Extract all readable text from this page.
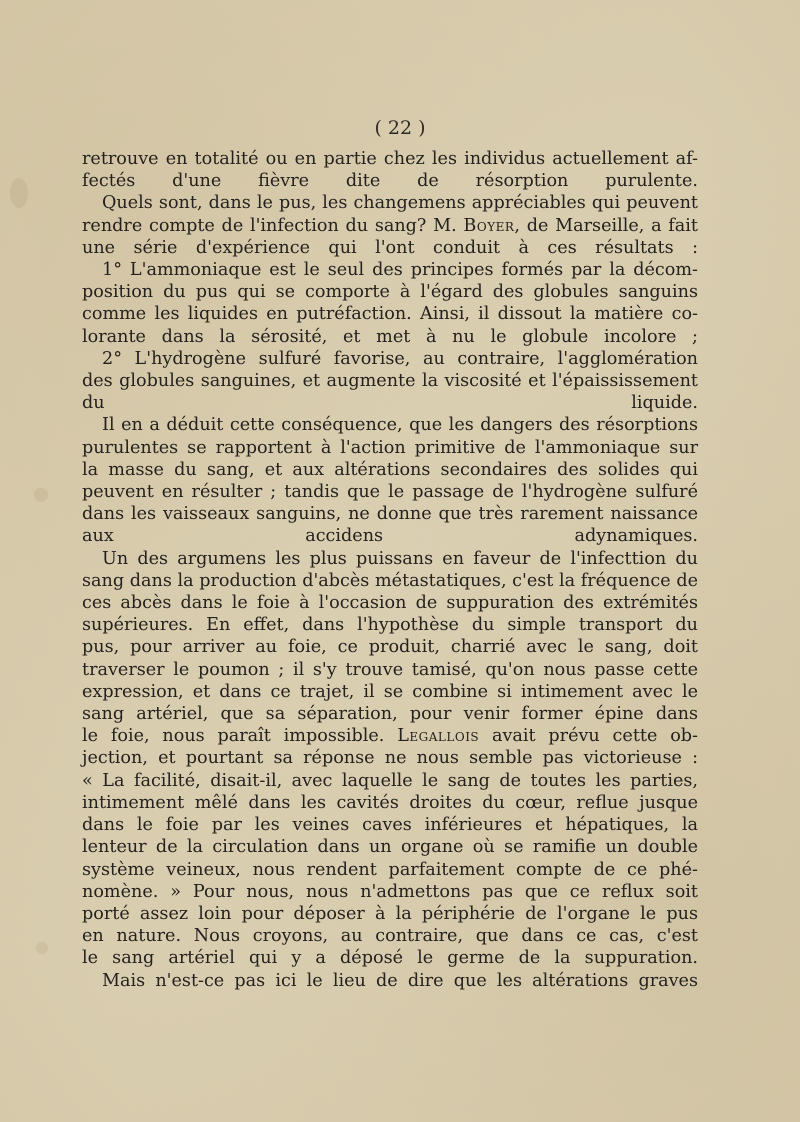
( 22 )

retrouve en totalité ou en partie chez les individus actuellement af-
fectés d'une fièvre dite de résorption purulente.

Quels sont, dans le pus, les changemens appréciables qui peuvent
rendre compte de l'infection du sang? M. Boyer, de Marseille, a fait
une série d'expérience qui l'ont conduit à ces résultats :

1° L'ammoniaque est le seul des principes formés par la décom-
position du pus qui se comporte à l'égard des globules sanguins
comme les liquides en putréfaction. Ainsi, il dissout la matière co-
lorante dans la sérosité, et met à nu le globule incolore ;

2° L'hydrogène sulfuré favorise, au contraire, l'agglomération
des globules sanguines, et augmente la viscosité et l'épaississement
du liquide.

Il en a déduit cette conséquence, que les dangers des résorptions
purulentes se rapportent à l'action primitive de l'ammoniaque sur
la masse du sang, et aux altérations secondaires des solides qui
peuvent en résulter ; tandis que le passage de l'hydrogène sulfuré
dans les vaisseaux sanguins, ne donne que très rarement naissance
aux accidens adynamiques.

Un des argumens les plus puissans en faveur de l'infecttion du
sang dans la production d'abcès métastatiques, c'est la fréquence de
ces abcès dans le foie à l'occasion de suppuration des extrémités
supérieures. En effet, dans l'hypothèse du simple transport du
pus, pour arriver au foie, ce produit, charrié avec le sang, doit
traverser le poumon ; il s'y trouve tamisé, qu'on nous passe cette
expression, et dans ce trajet, il se combine si intimement avec le
sang artériel, que sa séparation, pour venir former épine dans
le foie, nous paraît impossible. Legallois avait prévu cette ob-
jection, et pourtant sa réponse ne nous semble pas victorieuse :
« La facilité, disait-il, avec laquelle le sang de toutes les parties,
intimement mêlé dans les cavités droites du cœur, reflue jusque
dans le foie par les veines caves inférieures et hépatiques, la
lenteur de la circulation dans un organe où se ramifie un double
système veineux, nous rendent parfaitement compte de ce phé-
nomène. » Pour nous, nous n'admettons pas que ce reflux soit
porté assez loin pour déposer à la périphérie de l'organe le pus
en nature. Nous croyons, au contraire, que dans ce cas, c'est
le sang artériel qui y a déposé le germe de la suppuration.

Mais n'est-ce pas ici le lieu de dire que les altérations graves
